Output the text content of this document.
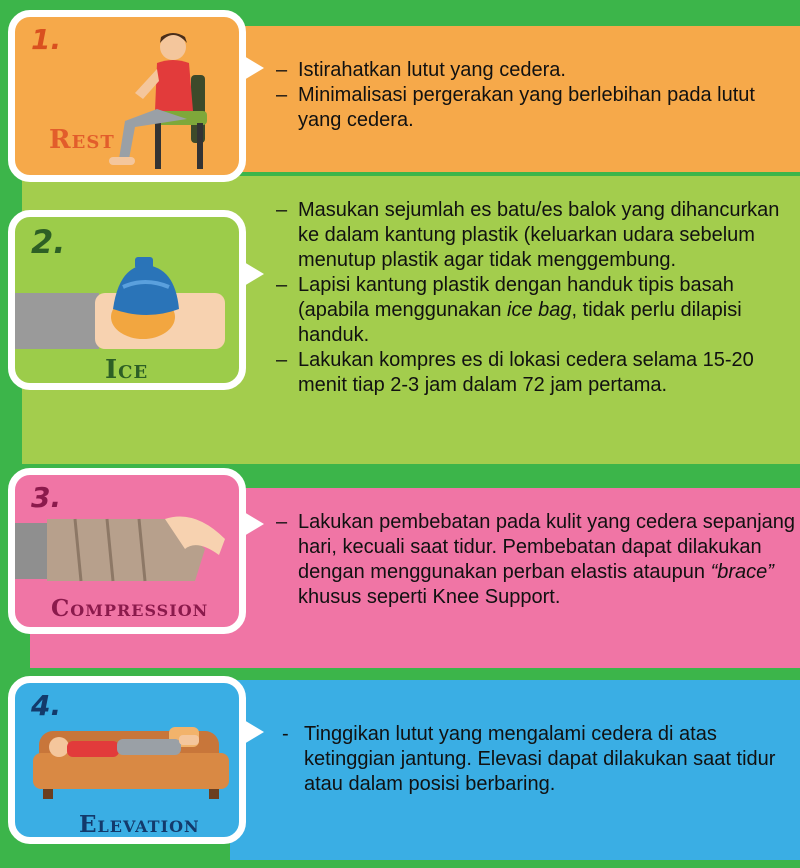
1.
Rest
2.
Ice
3.
Compression
4.
Elevation
– Istirahatkan lutut yang cedera.
– Minimalisasi pergerakan yang berlebihan pada lutut yang cedera.
– Masukan sejumlah es batu/es balok yang dihancurkan ke dalam kantung plastik (keluarkan udara sebelum menutup plastik agar tidak menggembung.
– Lapisi kantung plastik dengan handuk tipis basah (apabila menggunakan ice bag, tidak perlu dilapisi handuk.
– Lakukan kompres es di lokasi cedera selama 15-20 menit tiap 2-3 jam dalam 72 jam pertama.
– Lakukan pembebatan pada kulit yang cedera sepanjang hari, kecuali saat tidur. Pembebatan dapat dilakukan dengan menggunakan perban elastis ataupun “brace” khusus seperti Knee Support.
- Tinggikan lutut yang mengalami cedera di atas ketinggian jantung. Elevasi dapat dilakukan saat tidur atau dalam posisi berbaring.
